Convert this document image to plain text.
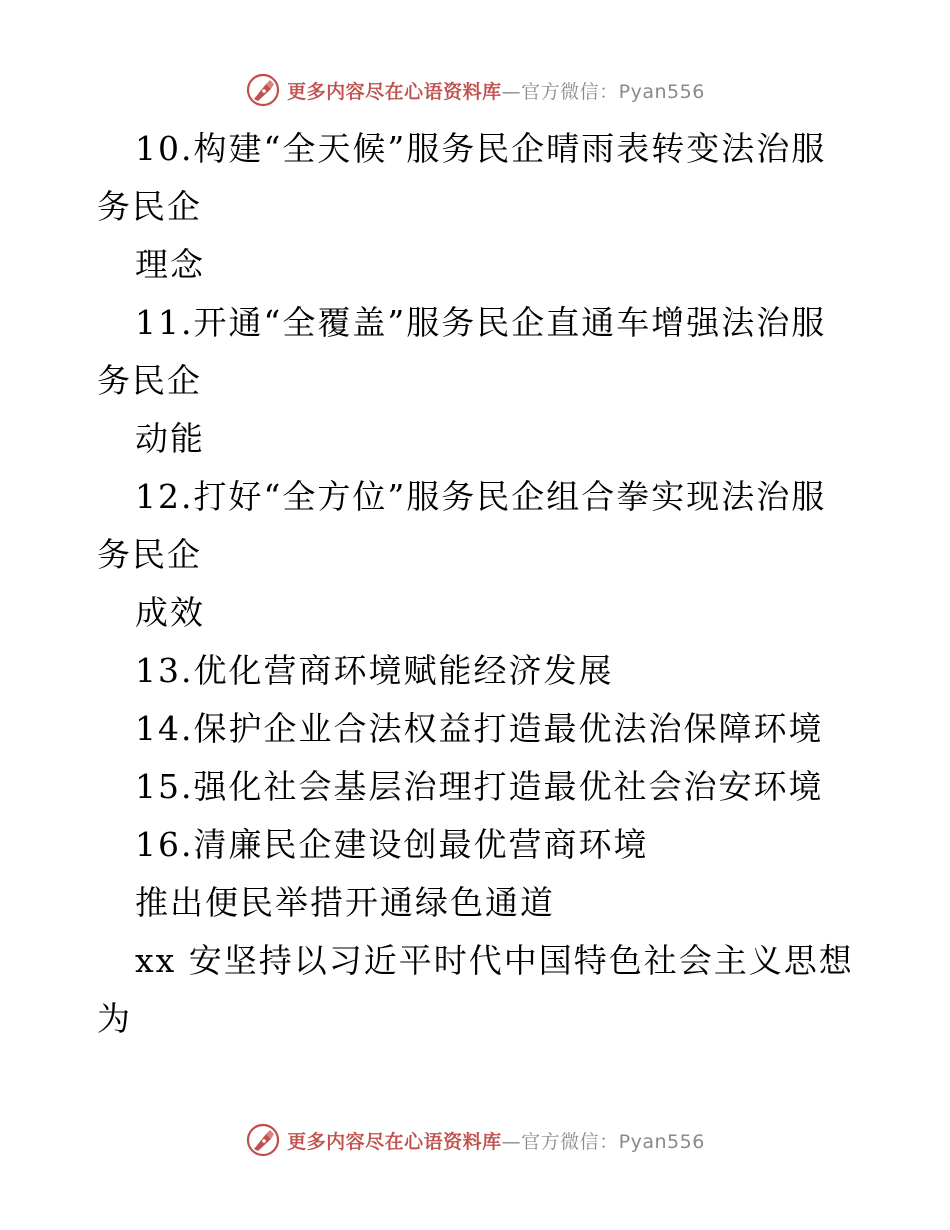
更多内容尽在心语资料库—官方微信：Pyan556
10.构建“全天候”服务民企晴雨表转变法治服
务民企
理念
11.开通“全覆盖”服务民企直通车增强法治服
务民企
动能
12.打好“全方位”服务民企组合拳实现法治服
务民企
成效
13.优化营商环境赋能经济发展
14.保护企业合法权益打造最优法治保障环境
15.强化社会基层治理打造最优社会治安环境
16.清廉民企建设创最优营商环境
推出便民举措开通绿色通道
xx 安坚持以习近平时代中国特色社会主义思想
为
更多内容尽在心语资料库—官方微信：Pyan556
